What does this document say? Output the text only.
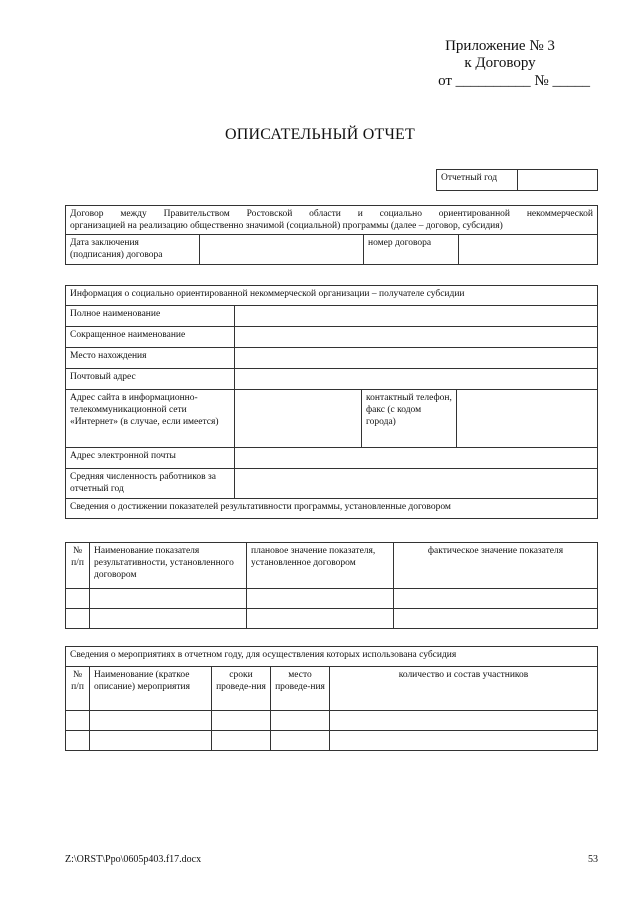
Приложение № 3
к Договору
от __________ № _____
ОПИСАТЕЛЬНЫЙ ОТЧЕТ
Отчетный год	
Договор между Правительством Ростовской области и социально ориентированной некоммерческой
организацией на реализацию общественно значимой (социальной) программы (далее – договор, субсидия)

Дата заключения (подписания) договора		номер договора	
Информация о социально ориентированной некоммерческой организации – получателе субсидии			
Полное наименование			
Сокращенное наименование			
Место нахождения			
Почтовый адрес			
Адрес сайта в информационно-телекоммуникационной сети «Интернет» (в случае, если имеется)		контактный телефон, факс (с кодом города)	
Адрес электронной почты			
Средняя численность работников за отчетный год			
Сведения о достижении показателей результативности программы, установленные договором			
№ п/п	Наименование показателя результативности, установленного договором	плановое значение показателя, установленное договором	фактическое значение показателя

Сведения о мероприятиях в отчетном году, для осуществления которых использована субсидия				
№ п/п	Наименование (краткое описание) мероприятия	сроки проведе-ния	место проведе-ния	количество и состав участников

Z:\ORST\Ppo\0605p403.f17.docx	53
